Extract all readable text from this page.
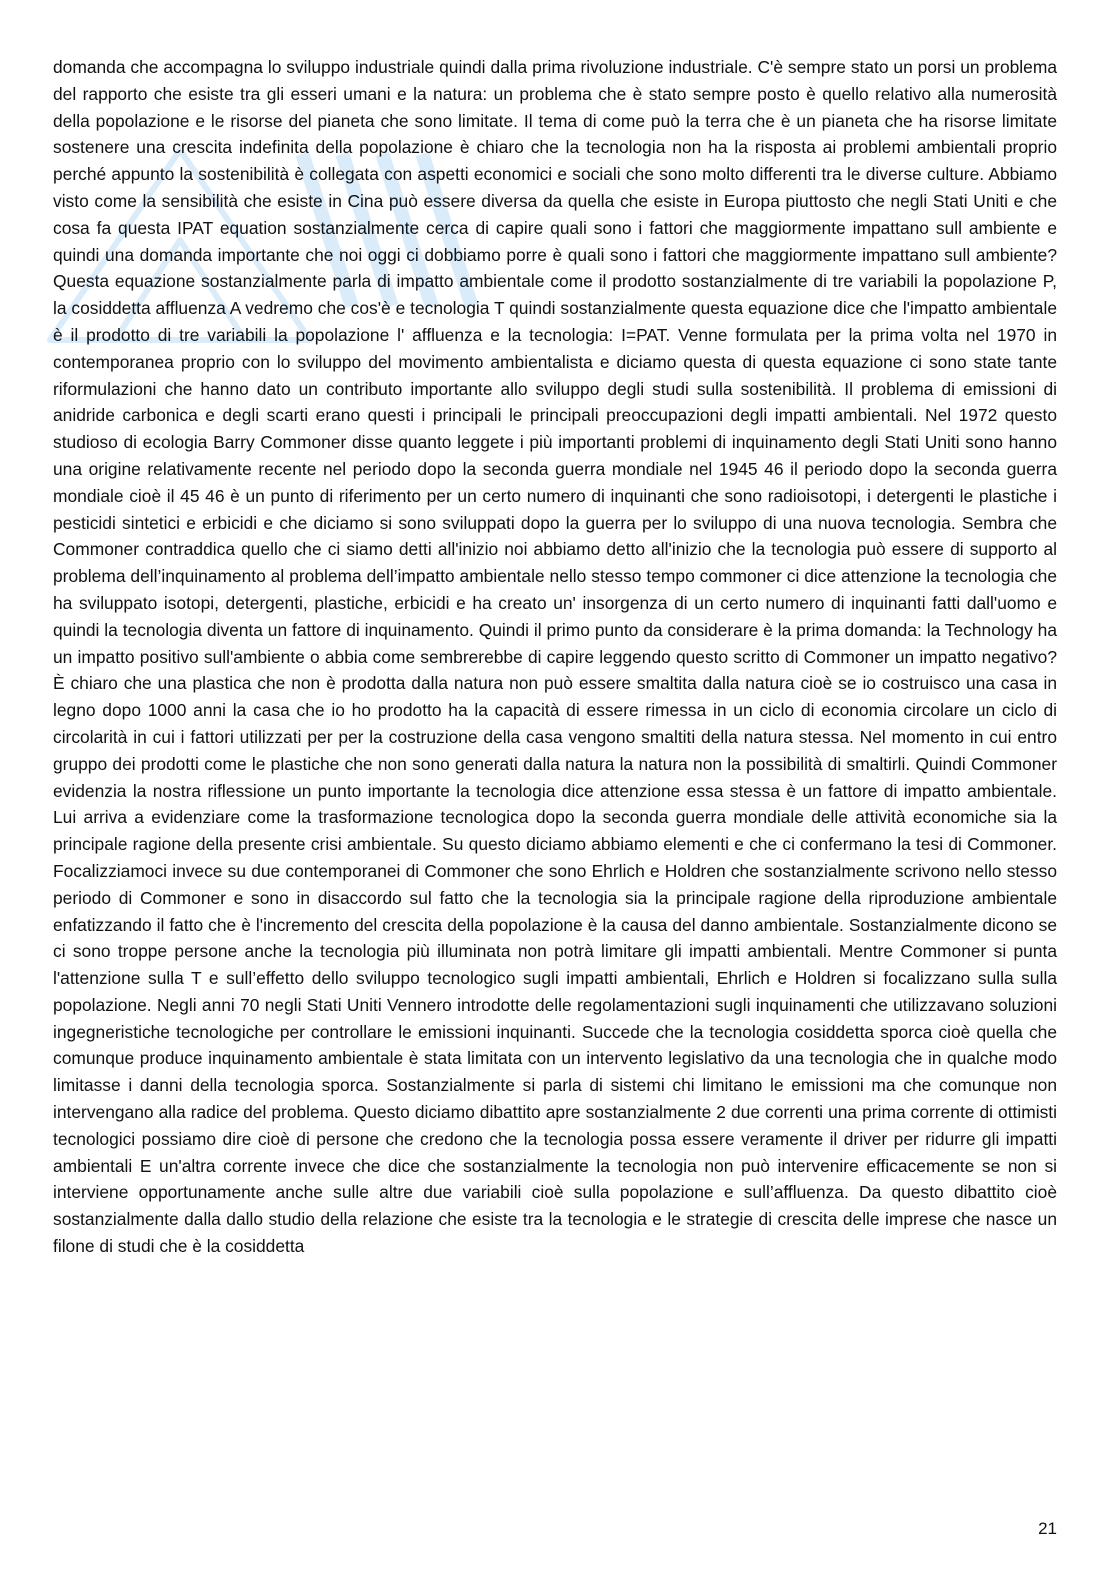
domanda che accompagna lo sviluppo industriale quindi dalla prima rivoluzione industriale. C'è sempre stato un porsi un problema del rapporto che esiste tra gli esseri umani e la natura: un problema che è stato sempre posto è quello relativo alla numerosità della popolazione e le risorse del pianeta che sono limitate. Il tema di come può la terra che è un pianeta che ha risorse limitate sostenere una crescita indefinita della popolazione è chiaro che la tecnologia non ha la risposta ai problemi ambientali proprio perché appunto la sostenibilità è collegata con aspetti economici e sociali che sono molto differenti tra le diverse culture. Abbiamo visto come la sensibilità che esiste in Cina può essere diversa da quella che esiste in Europa piuttosto che negli Stati Uniti e che cosa fa questa IPAT equation sostanzialmente cerca di capire quali sono i fattori che maggiormente impattano sull ambiente e quindi una domanda importante che noi oggi ci dobbiamo porre è quali sono i fattori che maggiormente impattano sull ambiente? Questa equazione sostanzialmente parla di impatto ambientale come il prodotto sostanzialmente di tre variabili la popolazione P, la cosiddetta affluenza A vedremo che cos'è e tecnologia T quindi sostanzialmente questa equazione dice che l'impatto ambientale è il prodotto di tre variabili la popolazione l' affluenza e la tecnologia: I=PAT. Venne formulata per la prima volta nel 1970 in contemporanea proprio con lo sviluppo del movimento ambientalista e diciamo questa di questa equazione ci sono state tante riformulazioni che hanno dato un contributo importante allo sviluppo degli studi sulla sostenibilità. Il problema di emissioni di anidride carbonica e degli scarti erano questi i principali le principali preoccupazioni degli impatti ambientali. Nel 1972 questo studioso di ecologia Barry Commoner disse quanto leggete i più importanti problemi di inquinamento degli Stati Uniti sono hanno una origine relativamente recente nel periodo dopo la seconda guerra mondiale nel 1945 46 il periodo dopo la seconda guerra mondiale cioè il 45 46 è un punto di riferimento per un certo numero di inquinanti che sono radioisotopi, i detergenti le plastiche i pesticidi sintetici e erbicidi e che diciamo si sono sviluppati dopo la guerra per lo sviluppo di una nuova tecnologia. Sembra che Commoner contraddica quello che ci siamo detti all'inizio noi abbiamo detto all'inizio che la tecnologia può essere di supporto al problema dell’inquinamento al problema dell’impatto ambientale nello stesso tempo commoner ci dice attenzione la tecnologia che ha sviluppato isotopi, detergenti, plastiche, erbicidi e ha creato un' insorgenza di un certo numero di inquinanti fatti dall'uomo e quindi la tecnologia diventa un fattore di inquinamento. Quindi il primo punto da considerare è la prima domanda: la Technology ha un impatto positivo sull'ambiente o abbia come sembrerebbe di capire leggendo questo scritto di Commoner un impatto negativo? È chiaro che una plastica che non è prodotta dalla natura non può essere smaltita dalla natura cioè se io costruisco una casa in legno dopo 1000 anni la casa che io ho prodotto ha la capacità di essere rimessa in un ciclo di economia circolare un ciclo di circolarità in cui i fattori utilizzati per per la costruzione della casa vengono smaltiti della natura stessa. Nel momento in cui entro gruppo dei prodotti come le plastiche che non sono generati dalla natura la natura non la possibilità di smaltirli. Quindi Commoner evidenzia la nostra riflessione un punto importante la tecnologia dice attenzione essa stessa è un fattore di impatto ambientale. Lui arriva a evidenziare come la trasformazione tecnologica dopo la seconda guerra mondiale delle attività economiche sia la principale ragione della presente crisi ambientale. Su questo diciamo abbiamo elementi e che ci confermano la tesi di Commoner. Focalizziamoci invece su due contemporanei di Commoner che sono Ehrlich e Holdren che sostanzialmente scrivono nello stesso periodo di Commoner e sono in disaccordo sul fatto che la tecnologia sia la principale ragione della riproduzione ambientale enfatizzando il fatto che è l'incremento del crescita della popolazione è la causa del danno ambientale. Sostanzialmente dicono se ci sono troppe persone anche la tecnologia più illuminata non potrà limitare gli impatti ambientali. Mentre Commoner si punta l'attenzione sulla T e sull’effetto dello sviluppo tecnologico sugli impatti ambientali, Ehrlich e Holdren si focalizzano sulla sulla popolazione. Negli anni 70 negli Stati Uniti Vennero introdotte delle regolamentazioni sugli inquinamenti che utilizzavano soluzioni ingegneristiche tecnologiche per controllare le emissioni inquinanti. Succede che la tecnologia cosiddetta sporca cioè quella che comunque produce inquinamento ambientale è stata limitata con un intervento legislativo da una tecnologia che in qualche modo limitasse i danni della tecnologia sporca. Sostanzialmente si parla di sistemi chi limitano le emissioni ma che comunque non intervengano alla radice del problema. Questo diciamo dibattito apre sostanzialmente 2 due correnti una prima corrente di ottimisti tecnologici possiamo dire cioè di persone che credono che la tecnologia possa essere veramente il driver per ridurre gli impatti ambientali E un'altra corrente invece che dice che sostanzialmente la tecnologia non può intervenire efficacemente se non si interviene opportunamente anche sulle altre due variabili cioè sulla popolazione e sull’affluenza. Da questo dibattito cioè sostanzialmente dalla dallo studio della relazione che esiste tra la tecnologia e le strategie di crescita delle imprese che nasce un filone di studi che è la cosiddetta

21
